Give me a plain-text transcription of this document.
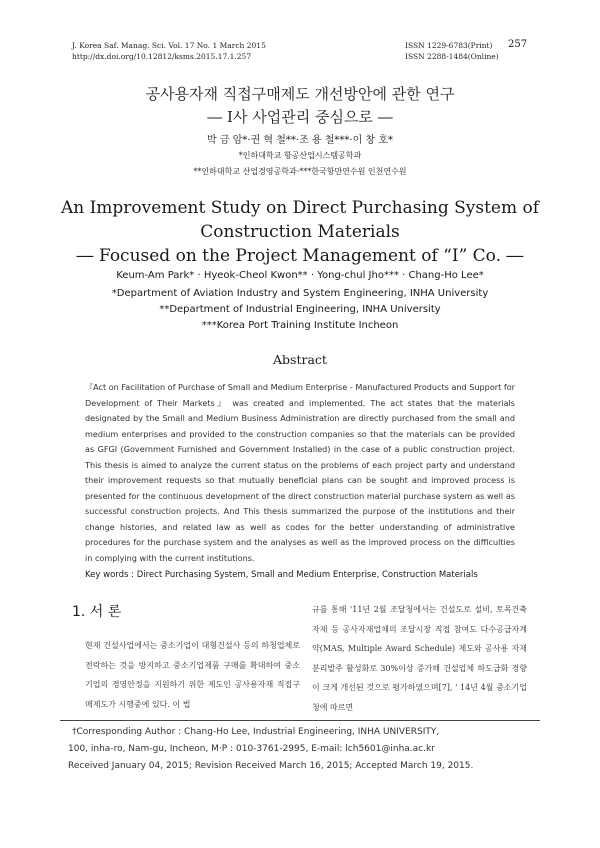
J. Korea Saf. Manag. Sci. Vol. 17 No. 1 March 2015
http://dx.doi.org/10.12812/ksms.2015.17.1.257
ISSN 1229-6783(Print)
ISSN 2288-1484(Online)
257
공사용자재 직접구매제도 개선방안에 관한 연구
― I사 사업관리 중심으로 ―
박 금 암*·권 혁 철**·조 용 철***·이 창 호*
*인하대학교 항공산업시스템공학과
**인하대학교 산업경영공학과·***한국항만연수원 인천연수원
An Improvement Study on Direct Purchasing System of
Construction Materials
― Focused on the Project Management of “I” Co. ―
Keum-Am Park* · Hyeok-Cheol Kwon** · Yong-chul Jho*** · Chang-Ho Lee*
*Department of Aviation Industry and System Engineering, INHA University
**Department of Industrial Engineering, INHA University
***Korea Port Training Institute Incheon
Abstract
『Act on Facilitation of Purchase of Small and Medium Enterprise - Manufactured Products and Support for Development of Their Markets』 was created and implemented. The act states that the materials designated by the Small and Medium Business Administration are directly purchased from the small and medium enterprises and provided to the construction companies so that the materials can be provided as GFGI (Government Furnished and Government Installed) in the case of a public construction project. This thesis is aimed to analyze the current status on the problems of each project party and understand their improvement requests so that mutually beneficial plans can be sought and improved process is presented for the continuous development of the direct construction material purchase system as well as successful construction projects. And This thesis summarized the purpose of the institutions and their change histories, and related law as well as codes for the better understanding of administrative procedures for the purchase system and the analyses as well as the improved process on the difficulties in complying with the current institutions.
Key words : Direct Purchasing System, Small and Medium Enterprise, Construction Materials
1. 서 론
현재 건설사업에서는 중소기업이 대형건설사 등의 하청업체로 전락하는 것을 방지하고 중소기업제품 구매를 확대하여 중소기업의 경영안정을 지원하기 위한 제도인 공사용자재 직접구매제도가 시행중에 있다. 이 법
규를 통해 '11년 2월 조달청에서는 건설도로 설비, 토목건축자재 등 공사자재업체의 조달시장 직접 참여도 다수공급자계약(MAS, Multiple Award Schedule) 제도와 공사용 자재 분리발주 활성화로 30%이상 증가해 건설업체 하도급화 경향이 크게 개선된 것으로 평가하였으며[7], ' 14년 4월 중소기업청에 따르면
†Corresponding Author : Chang-Ho Lee, Industrial Engineering, INHA UNIVERSITY,
100, inha-ro, Nam-gu, Incheon, M·P : 010-3761-2995, E-mail: lch5601@inha.ac.kr
Received January 04, 2015; Revision Received March 16, 2015; Accepted March 19, 2015.
